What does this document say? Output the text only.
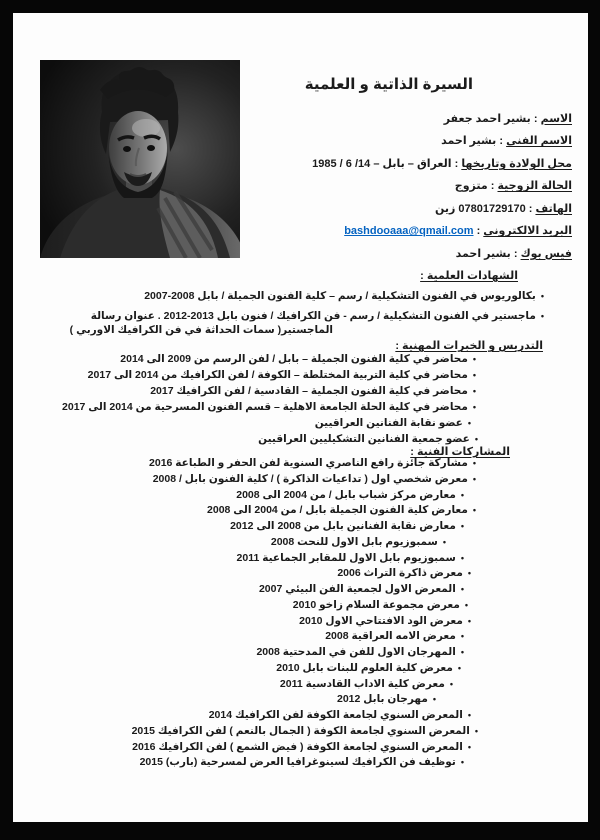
السيرة الذاتية و العلمية
الاسم : بشير احمد جعفر
الاسم الفني : بشير احمد
محل الولادة وتاريخها : العراق – بابل – 14/ 6 / 1985
الحالة الزوجية : متزوج
الهاتف : 07801729170 زين
البريد الالكتروني : bashdooaaa@qmail.com
فيس بوك : بشير احمد
الشهادات العلمية :
•بكالوريوس في الفنون التشكيلية / رسم – كلية الفنون الجميلة / بابل 2008-2007
•ماجستير في الفنون التشكيلية / رسم - فن الكرافيك / فنون بابل 2013-2012 . عنوان رسالة
الماجستير( سمات الحداثة في فن الكرافيك الاوربي )
التدريس و الخبرات المهنية :
•محاضر في كلية الفنون الجميلة – بابل / لفن الرسم من 2009 الى 2014
•محاضر في كلية التربية المختلطة – الكوفة / لفن الكرافيك من 2014 الى 2017
•محاضر في كلية الفنون الجملية – القادسية / لفن الكرافيك 2017
•محاضر في كلية الحلة الجامعة الاهلية – قسم الفنون المسرحية من 2014 الى 2017
•عضو نقابة الفنانين العراقيين
•عضو جمعية الفنانين التشكيليين العراقيين
المشاركات الفنية :
•مشاركة جائزة رافع الناصري السنوية لفن الحفر و الطباعة 2016
•معرض شخصي اول ( تداعيات الذاكرة ) / كلية الفنون بابل / 2008
•معارض مركز شباب بابل / من 2004 الى 2008
•معارض كلية الفنون الجميلة بابل / من 2004 الى 2008
•معارض نقابة الفنانين بابل من 2008 الى 2012
•سمبوزيوم بابل الاول للنحت 2008
•سمبوزيوم بابل الاول للمقابر الجماعية 2011
•معرض ذاكرة التراث 2006
•المعرض الاول لجمعية الفن البيئي 2007
•معرض مجموعة السلام زاخو 2010
•معرض الود الافتتاحي الاول 2010
•معرض الامه العراقية 2008
•المهرجان الاول للفن في المدحتية 2008
•معرض كلية العلوم للبنات بابل 2010
•معرض كلية الاداب القادسية 2011
•مهرجان بابل 2012
•المعرض السنوي لجامعة الكوفة لفن الكرافيك 2014
•المعرض السنوي لجامعة الكوفة ( الجمال بالنعم ) لفن الكرافيك 2015
•المعرض السنوي لجامعة الكوفة ( فيض الشمع ) لفن الكرافيك 2016
•توظيف فن الكرافيك لسينوغرافيا العرض لمسرحية (بارب) 2015
